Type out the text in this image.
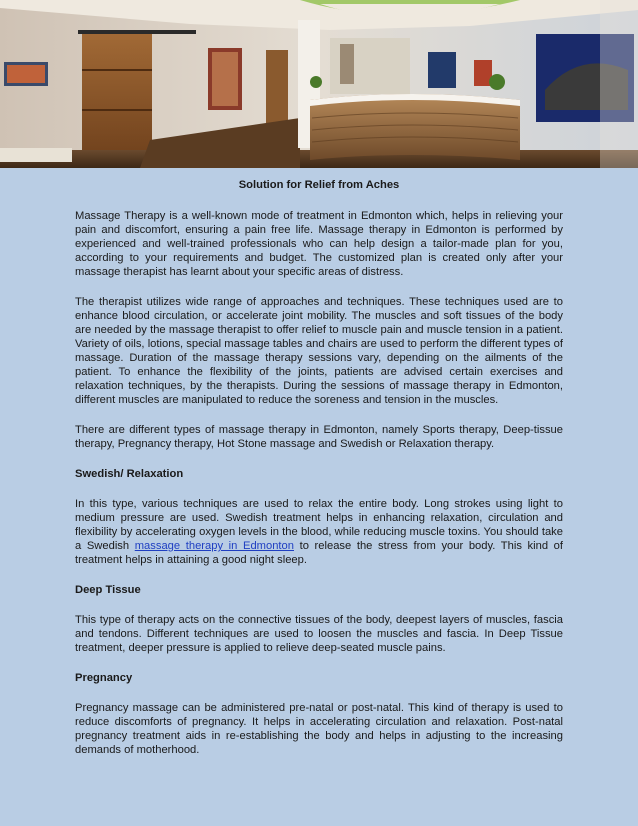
Solution for Relief from Aches

Massage Therapy is a well-known mode of treatment in Edmonton which, helps in relieving your pain and discomfort, ensuring a pain free life. Massage therapy in Edmonton is performed by experienced and well-trained professionals who can help design a tailor-made plan for you, according to your requirements and budget. The customized plan is created only after your massage therapist has learnt about your specific areas of distress.

The therapist utilizes wide range of approaches and techniques. These techniques used are to enhance blood circulation, or accelerate joint mobility. The muscles and soft tissues of the body are needed by the massage therapist to offer relief to muscle pain and muscle tension in a patient. Variety of oils, lotions, special massage tables and chairs are used to perform the different types of massage. Duration of the massage therapy sessions vary, depending on the ailments of the patient. To enhance the flexibility of the joints, patients are advised certain exercises and relaxation techniques, by the therapists. During the sessions of massage therapy in Edmonton, different muscles are manipulated to reduce the soreness and tension in the muscles.

There are different types of massage therapy in Edmonton, namely Sports therapy, Deep-tissue therapy, Pregnancy therapy, Hot Stone massage and Swedish or Relaxation therapy.

Swedish/ Relaxation

In this type, various techniques are used to relax the entire body. Long strokes using light to medium pressure are used. Swedish treatment helps in enhancing relaxation, circulation and flexibility by accelerating oxygen levels in the blood, while reducing muscle toxins. You should take a Swedish massage therapy in Edmonton to release the stress from your body. This kind of treatment helps in attaining a good night sleep.

Deep Tissue

This type of therapy acts on the connective tissues of the body, deepest layers of muscles, fascia and tendons. Different techniques are used to loosen the muscles and fascia. In Deep Tissue treatment, deeper pressure is applied to relieve deep-seated muscle pains.

Pregnancy

Pregnancy massage can be administered pre-natal or post-natal. This kind of therapy is used to reduce discomforts of pregnancy. It helps in accelerating circulation and relaxation. Post-natal pregnancy treatment aids in re-establishing the body and helps in adjusting to the increasing demands of motherhood.
